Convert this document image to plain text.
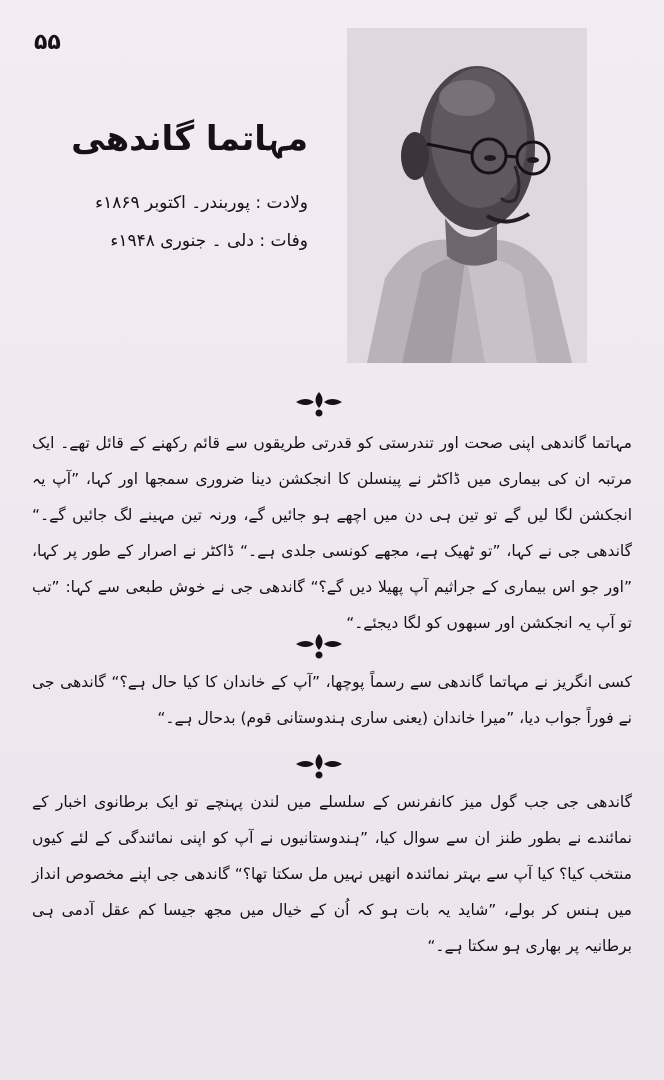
۵۵
مہاتما گاندھی
ولادت : پوربندر۔ اکتوبر ۱۸۶۹ء
وفات : دلی ۔ جنوری ۱۹۴۸ء
مہاتما گاندھی اپنی صحت اور تندرستی کو قدرتی طریقوں سے قائم رکھنے کے قائل تھے۔ ایک مرتبہ ان کی بیماری میں ڈاکٹر نے پینسلن کا انجکشن دینا ضروری سمجھا اور کہا، ”آپ یہ انجکشن لگا لیں گے تو تین ہی دن میں اچھے ہو جائیں گے، ورنہ تین مہینے لگ جائیں گے۔“ گاندھی جی نے کہا، ”تو ٹھیک ہے، مجھے کونسی جلدی ہے۔“ ڈاکٹر نے اصرار کے طور پر کہا، ”اور جو اس بیماری کے جراثیم آپ پھیلا دیں گے؟“ گاندھی جی نے خوش طبعی سے کہا: ”تب تو آپ یہ انجکشن اور سبھوں کو لگا دیجئے۔“
کسی انگریز نے مہاتما گاندھی سے رسماً پوچھا، ”آپ کے خاندان کا کیا حال ہے؟“ گاندھی جی نے فوراً جواب دیا، ”میرا خاندان (یعنی ساری ہندوستانی قوم) بدحال ہے۔“
گاندھی جی جب گول میز کانفرنس کے سلسلے میں لندن پہنچے تو ایک برطانوی اخبار کے نمائندے نے بطور طنز ان سے سوال کیا، ”ہندوستانیوں نے آپ کو اپنی نمائندگی کے لئے کیوں منتخب کیا؟ کیا آپ سے بہتر نمائندہ انھیں نہیں مل سکتا تھا؟“ گاندھی جی اپنے مخصوص انداز میں ہنس کر بولے، ”شاید یہ بات ہو کہ اُن کے خیال میں مجھ جیسا کم عقل آدمی ہی برطانیہ پر بھاری ہو سکتا ہے۔“
